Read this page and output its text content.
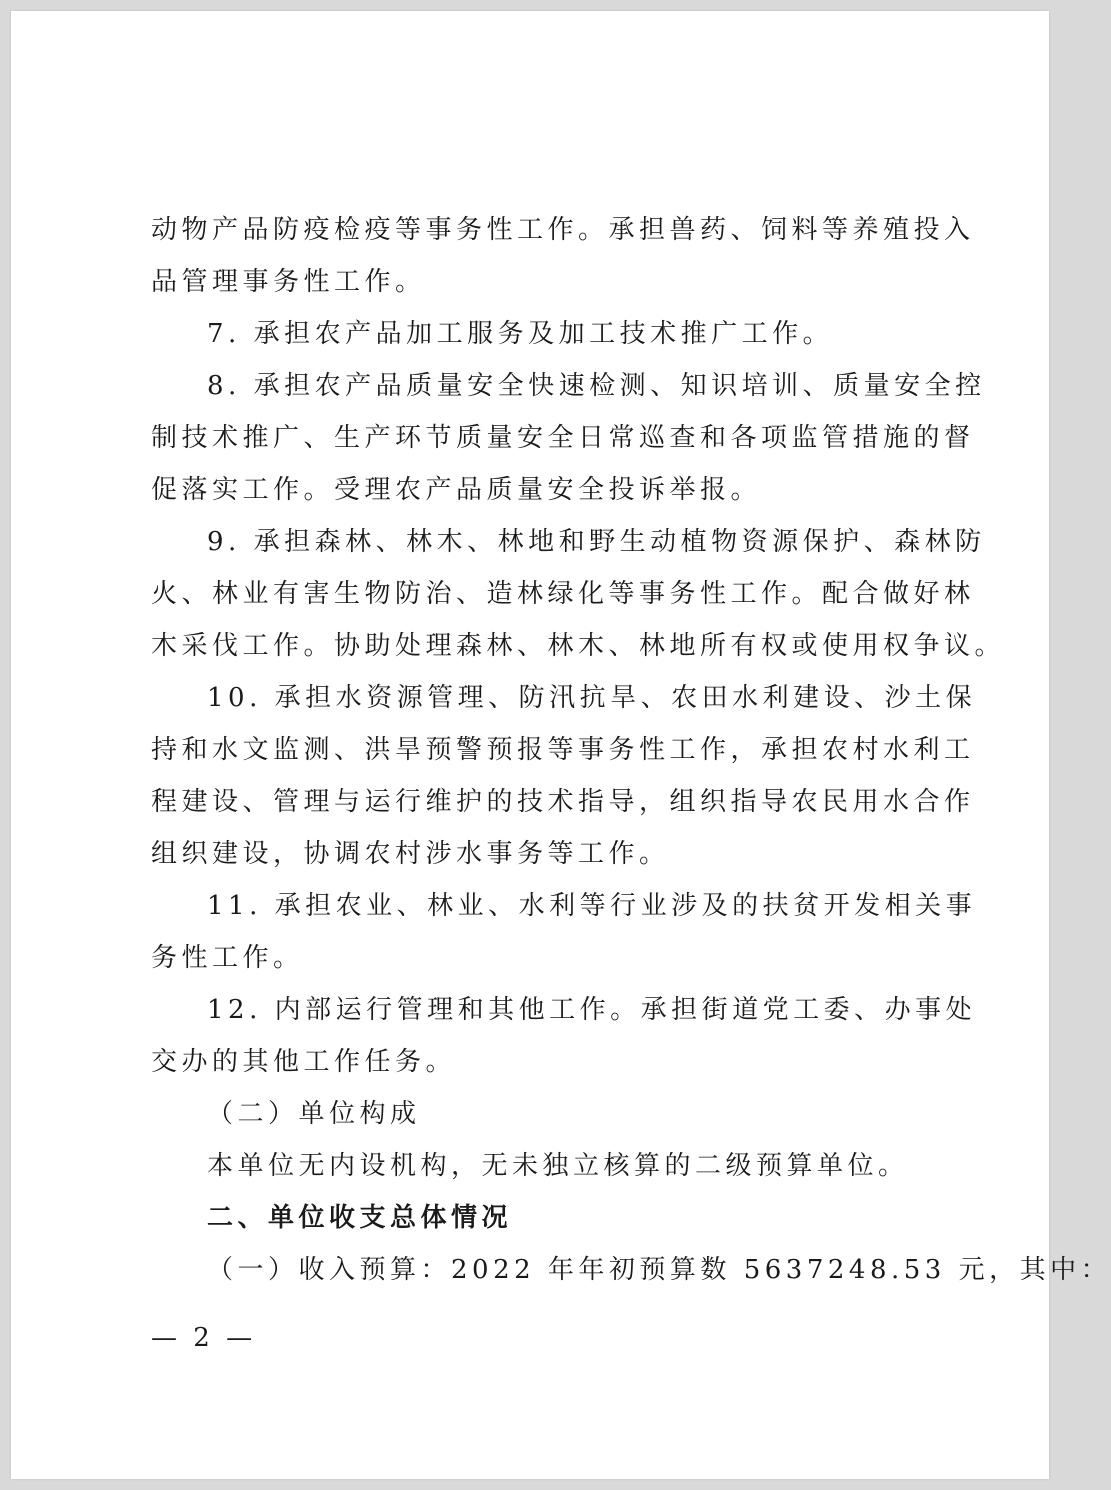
动物产品防疫检疫等事务性工作。承担兽药、饲料等养殖投入
品管理事务性工作。
7. 承担农产品加工服务及加工技术推广工作。
8. 承担农产品质量安全快速检测、知识培训、质量安全控
制技术推广、生产环节质量安全日常巡查和各项监管措施的督
促落实工作。受理农产品质量安全投诉举报。
9. 承担森林、林木、林地和野生动植物资源保护、森林防
火、林业有害生物防治、造林绿化等事务性工作。配合做好林
木采伐工作。协助处理森林、林木、林地所有权或使用权争议。
10. 承担水资源管理、防汛抗旱、农田水利建设、沙土保
持和水文监测、洪旱预警预报等事务性工作，承担农村水利工
程建设、管理与运行维护的技术指导，组织指导农民用水合作
组织建设，协调农村涉水事务等工作。
11. 承担农业、林业、水利等行业涉及的扶贫开发相关事
务性工作。
12. 内部运行管理和其他工作。承担街道党工委、办事处
交办的其他工作任务。
（二）单位构成
本单位无内设机构，无未独立核算的二级预算单位。
二、单位收支总体情况
（一）收入预算：2022 年年初预算数 5637248.53 元，其中：
— 2 —
